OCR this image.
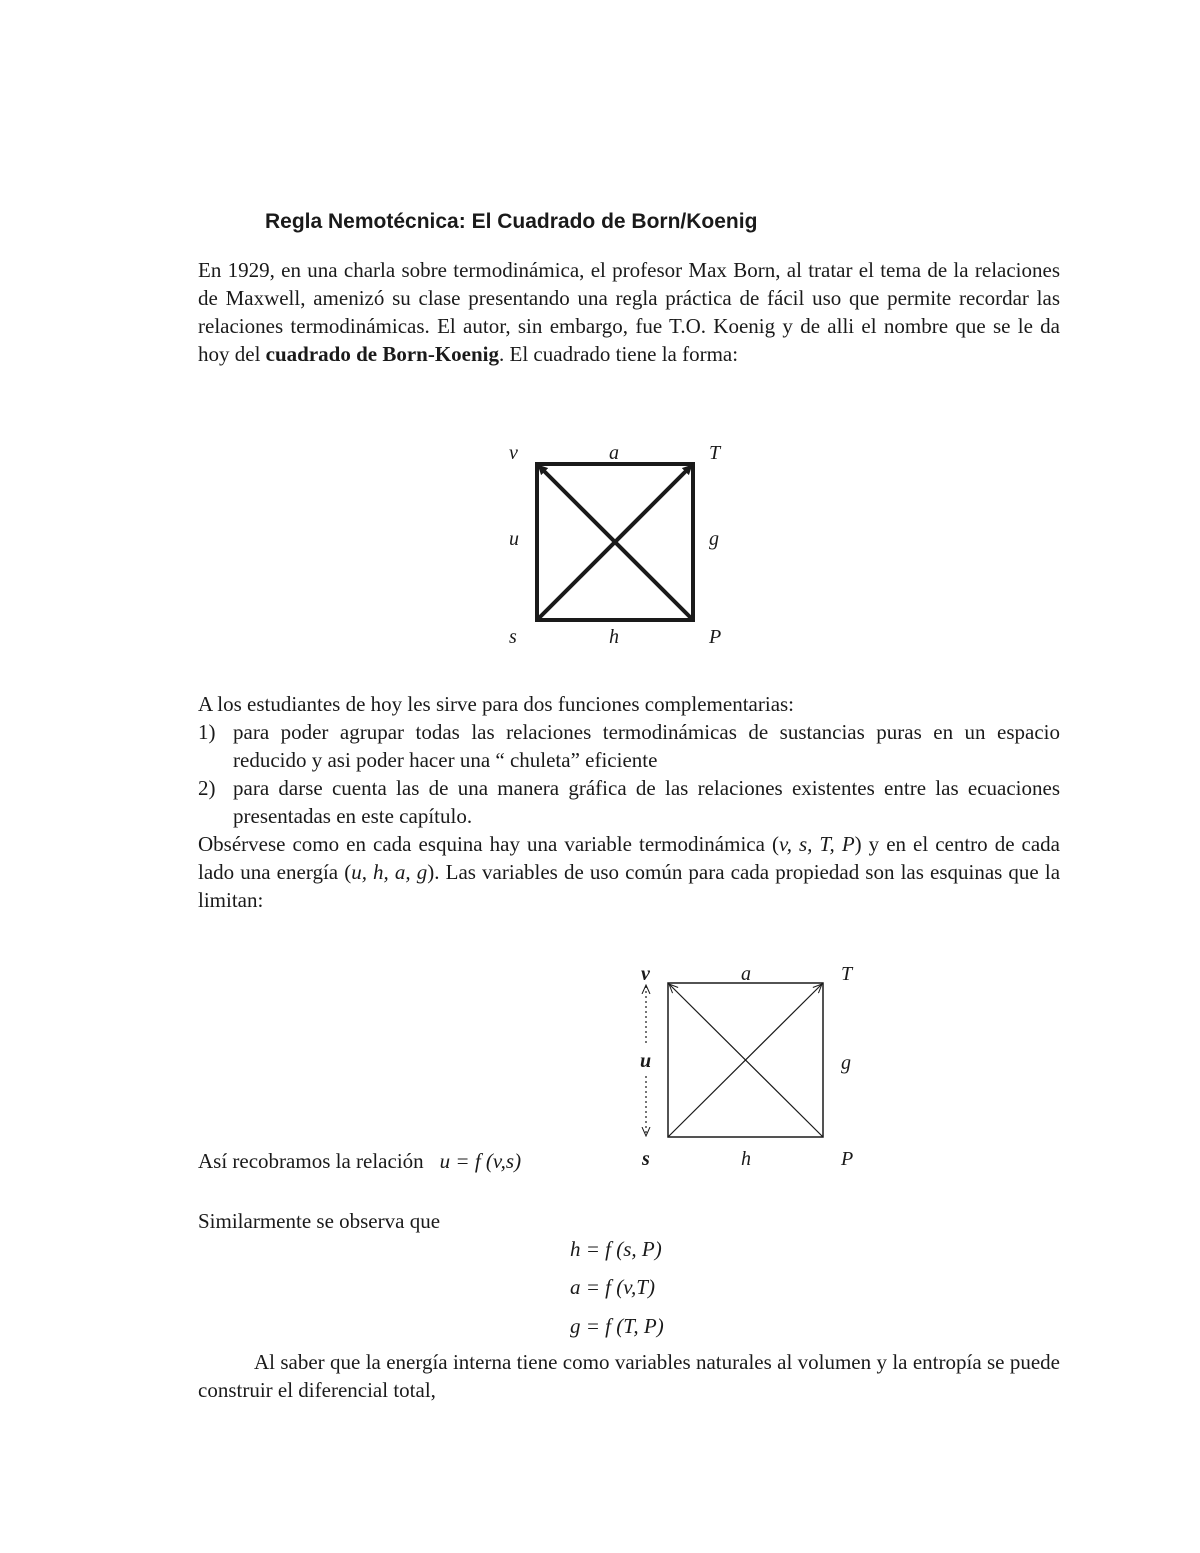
Regla Nemotécnica: El Cuadrado de Born/Koenig

En 1929, en una charla sobre termodinámica, el profesor Max Born, al tratar el tema de la relaciones de Maxwell, amenizó su clase presentando una regla práctica de fácil uso que permite recordar las relaciones termodinámicas. El autor, sin embargo, fue T.O. Koenig y de alli el nombre que se le da hoy del cuadrado de Born-Koenig. El cuadrado tiene la forma:

v	a	T
u	g
s	h	P

A los estudiantes de hoy les sirve para dos funciones complementarias:

1) para poder agrupar todas las relaciones termodinámicas de sustancias puras en un espacio reducido y asi poder hacer una “ chuleta” eficiente
2) para darse cuenta las de una manera gráfica de las relaciones existentes entre las ecuaciones presentadas en este capítulo.

Obsérvese como en cada esquina hay una variable termodinámica (v, s, T, P) y en el centro de cada lado una energía (u, h, a, g). Las variables de uso común para cada propiedad son las esquinas que la limitan:

v	a	T
u	g
s	h	P

Así recobramos la relación u = f (v,s)

Similarmente se observa que

h = f (s, P)

a = f (v,T)

g = f (T, P)

Al saber que la energía interna tiene como variables naturales al volumen y la entropía se puede construir el diferencial total,
